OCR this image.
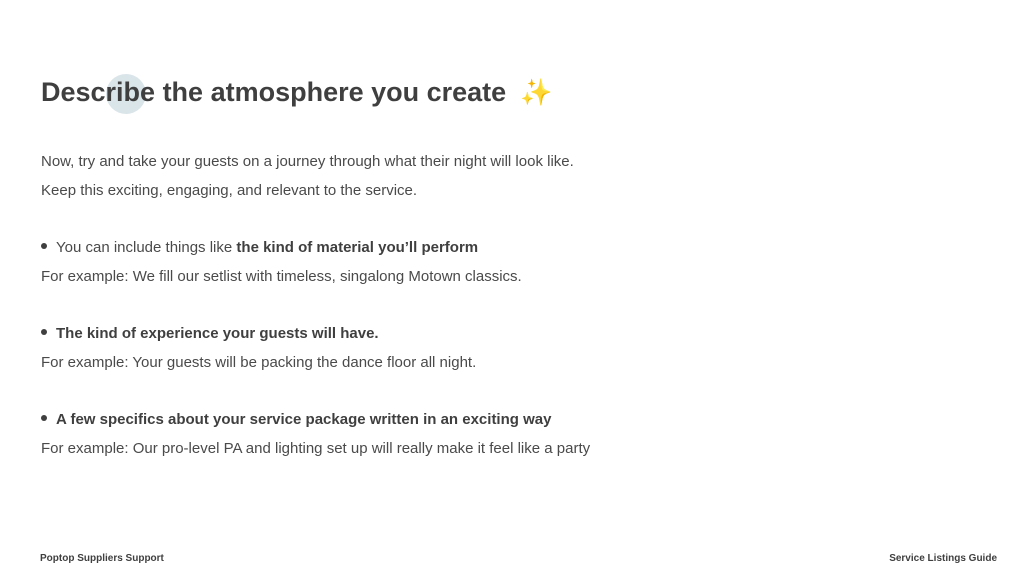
Describe the atmosphere you create ✨
Now, try and take your guests on a journey through what their night will look like.
Keep this exciting, engaging, and relevant to the service.
You can include things like the kind of material you’ll perform
For example: We fill our setlist with timeless, singalong Motown classics.
The kind of experience your guests will have.
For example: Your guests will be packing the dance floor all night.
A few specifics about your service package written in an exciting way
For example: Our pro-level PA and lighting set up will really make it feel like a party
Poptop Suppliers Support	Service Listings Guide
